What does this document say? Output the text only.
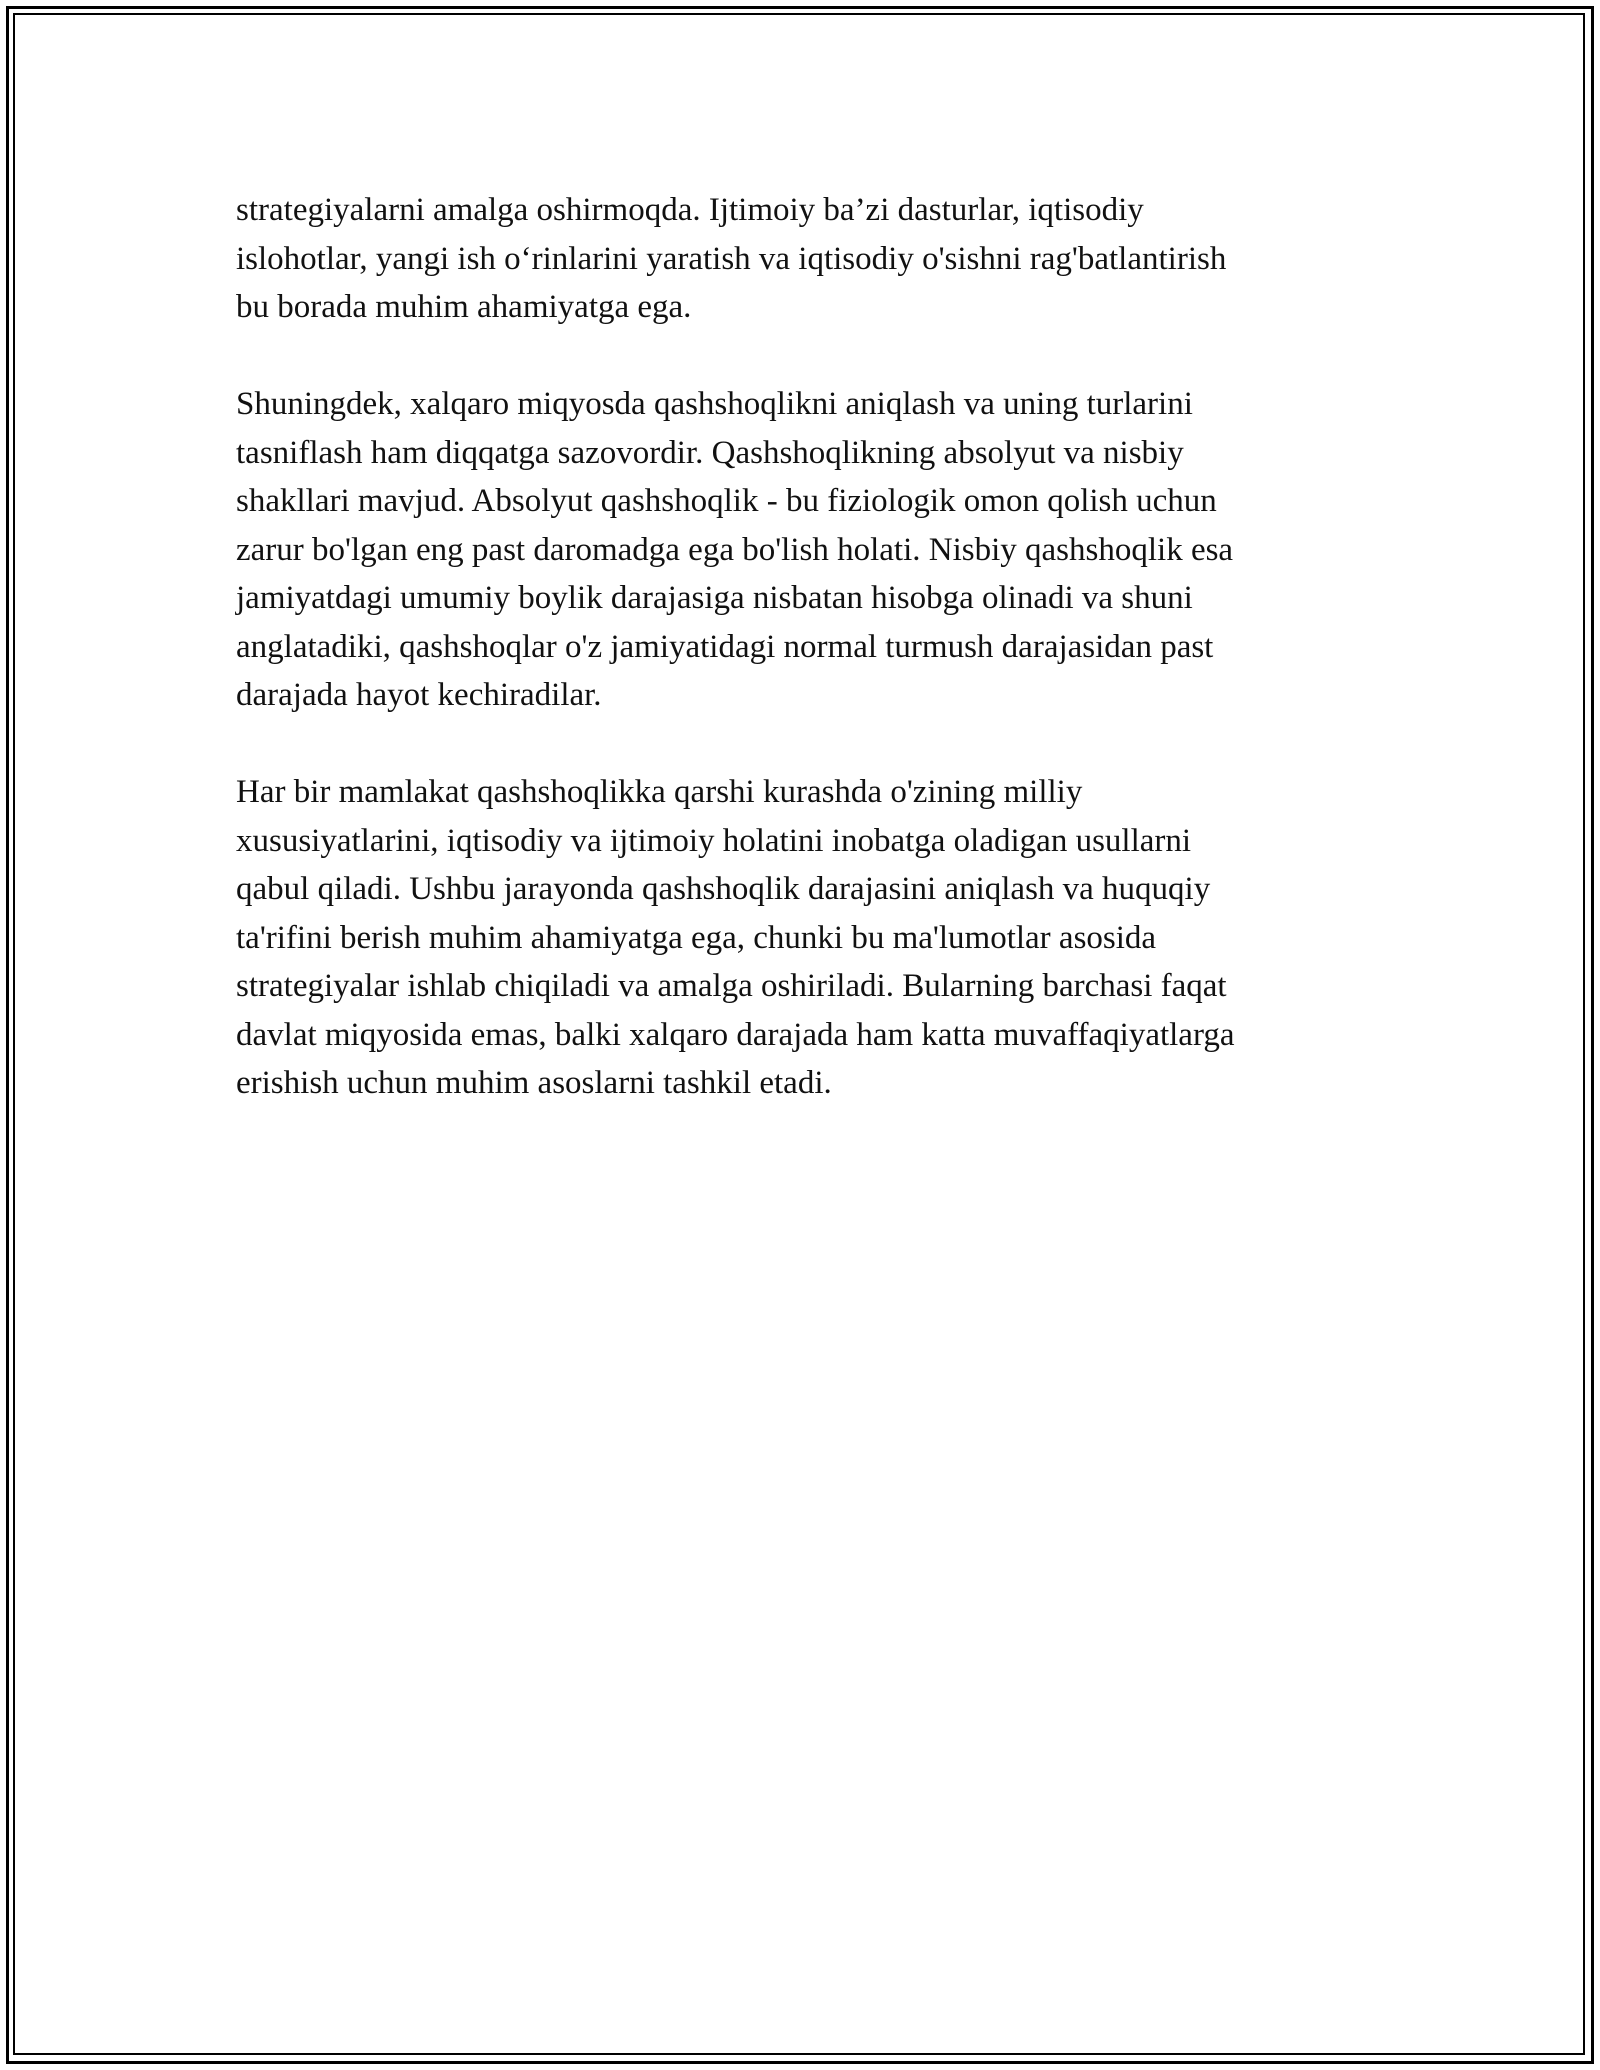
strategiyalarni amalga oshirmoqda. Ijtimoiy ba’zi dasturlar, iqtisodiy
islohotlar, yangi ish o‘rinlarini yaratish va iqtisodiy o'sishni rag'batlantirish
bu borada muhim ahamiyatga ega.

Shuningdek, xalqaro miqyosda qashshoqlikni aniqlash va uning turlarini
tasniflash ham diqqatga sazovordir. Qashshoqlikning absolyut va nisbiy
shakllari mavjud. Absolyut qashshoqlik - bu fiziologik omon qolish uchun
zarur bo'lgan eng past daromadga ega bo'lish holati. Nisbiy qashshoqlik esa
jamiyatdagi umumiy boylik darajasiga nisbatan hisobga olinadi va shuni
anglatadiki, qashshoqlar o'z jamiyatidagi normal turmush darajasidan past
darajada hayot kechiradilar.

Har bir mamlakat qashshoqlikka qarshi kurashda o'zining milliy
xususiyatlarini, iqtisodiy va ijtimoiy holatini inobatga oladigan usullarni
qabul qiladi. Ushbu jarayonda qashshoqlik darajasini aniqlash va huquqiy
ta'rifini berish muhim ahamiyatga ega, chunki bu ma'lumotlar asosida
strategiyalar ishlab chiqiladi va amalga oshiriladi. Bularning barchasi faqat
davlat miqyosida emas, balki xalqaro darajada ham katta muvaffaqiyatlarga
erishish uchun muhim asoslarni tashkil etadi.
